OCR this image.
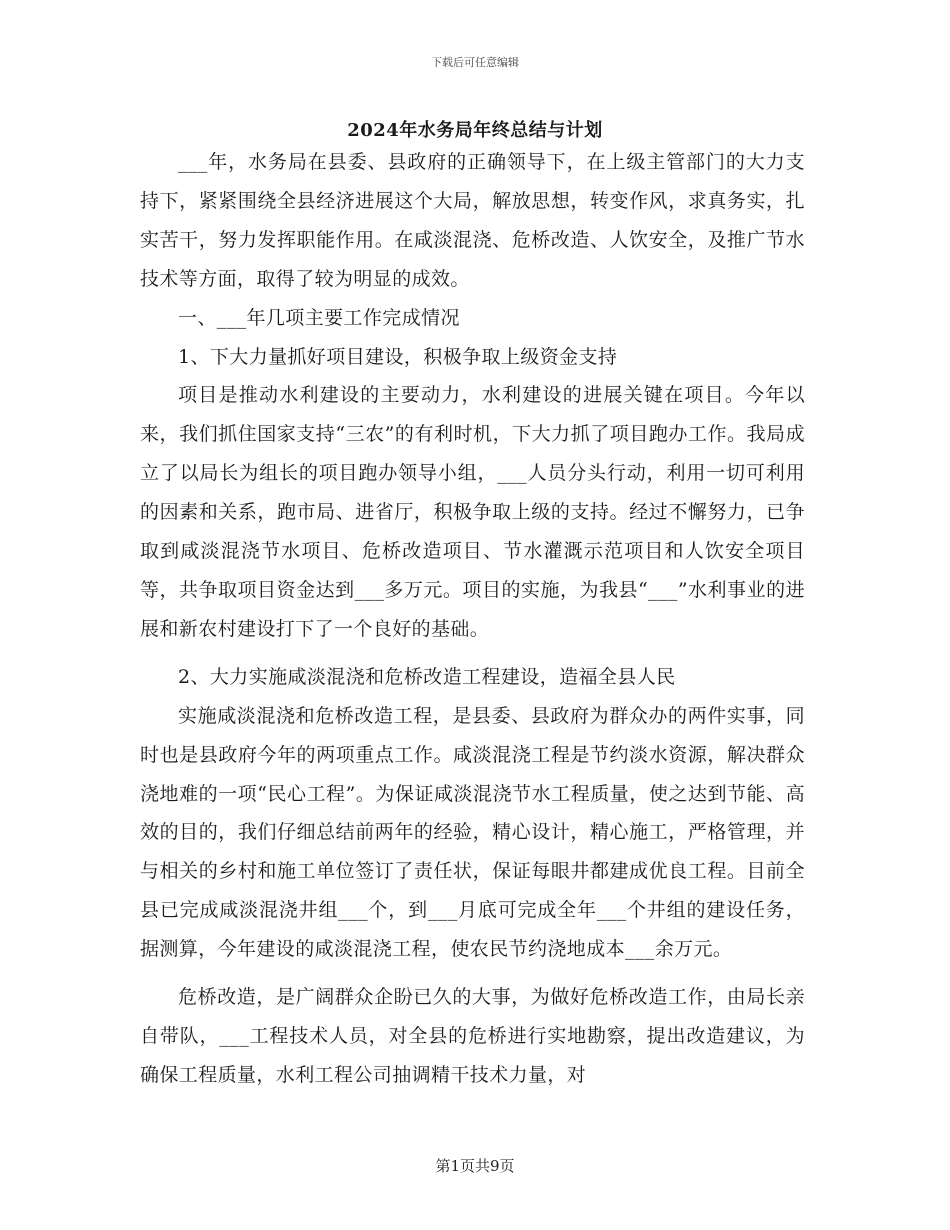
下载后可任意编辑
2024年水务局年终总结与计划

___年，水务局在县委、县政府的正确领导下，在上级主管部门的大力支持下，紧紧围绕全县经济进展这个大局，解放思想，转变作风，求真务实，扎实苦干，努力发挥职能作用。在咸淡混浇、危桥改造、人饮安全，及推广节水技术等方面，取得了较为明显的成效。

一、___年几项主要工作完成情况

1、下大力量抓好项目建设，积极争取上级资金支持

项目是推动水利建设的主要动力，水利建设的进展关键在项目。今年以来，我们抓住国家支持“三农”的有利时机，下大力抓了项目跑办工作。我局成立了以局长为组长的项目跑办领导小组，___人员分头行动，利用一切可利用的因素和关系，跑市局、进省厅，积极争取上级的支持。经过不懈努力，已争取到咸淡混浇节水项目、危桥改造项目、节水灌溉示范项目和人饮安全项目等，共争取项目资金达到___多万元。项目的实施，为我县“___”水利事业的进展和新农村建设打下了一个良好的基础。

2、大力实施咸淡混浇和危桥改造工程建设，造福全县人民

实施咸淡混浇和危桥改造工程，是县委、县政府为群众办的两件实事，同时也是县政府今年的两项重点工作。咸淡混浇工程是节约淡水资源，解决群众浇地难的一项“民心工程”。为保证咸淡混浇节水工程质量，使之达到节能、高效的目的，我们仔细总结前两年的经验，精心设计，精心施工，严格管理，并与相关的乡村和施工单位签订了责任状，保证每眼井都建成优良工程。目前全县已完成咸淡混浇井组___个，到___月底可完成全年___个井组的建设任务，据测算，今年建设的咸淡混浇工程，使农民节约浇地成本___余万元。

危桥改造，是广阔群众企盼已久的大事，为做好危桥改造工作，由局长亲自带队，___工程技术人员，对全县的危桥进行实地勘察，提出改造建议，为确保工程质量，水利工程公司抽调精干技术力量，对

第1页共9页
